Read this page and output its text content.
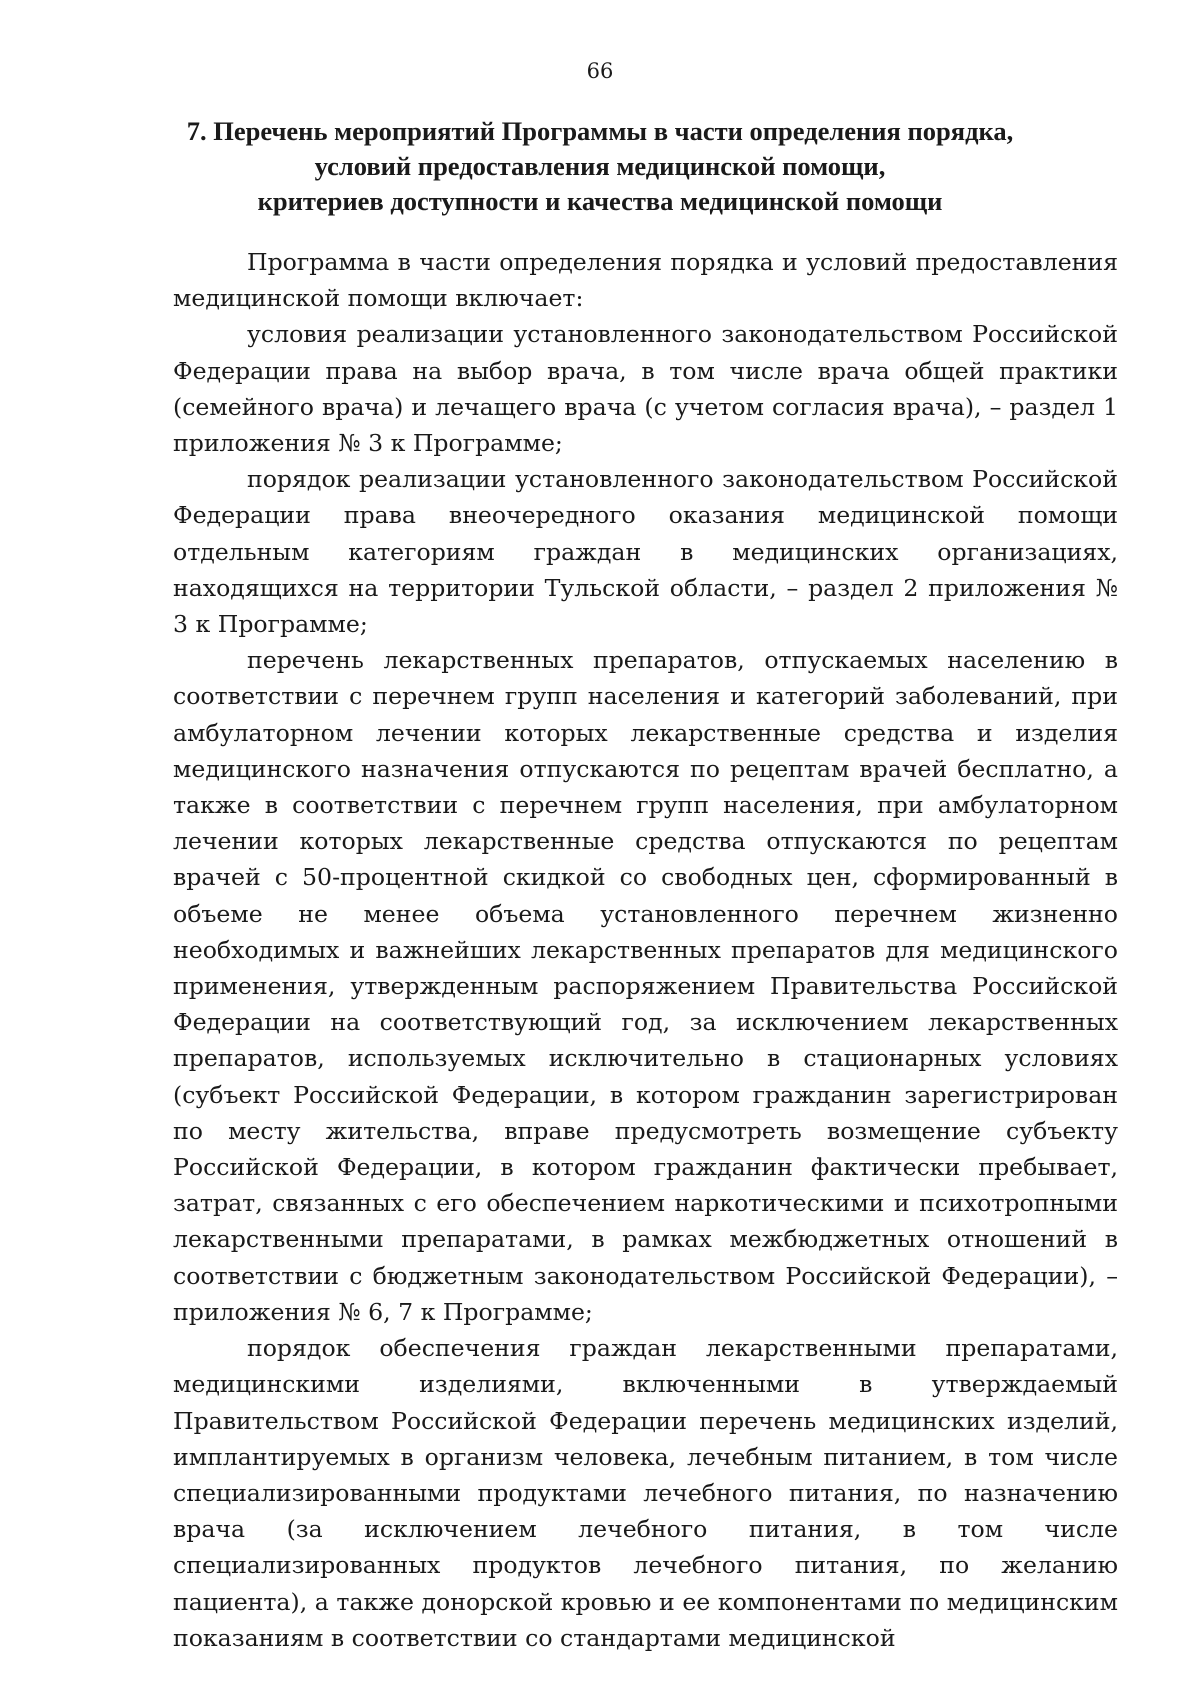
66
7. Перечень мероприятий Программы в части определения порядка,
условий предоставления медицинской помощи,
критериев доступности и качества медицинской помощи

Программа в части определения порядка и условий предоставления медицинской помощи включает:

условия реализации установленного законодательством Российской Федерации права на выбор врача, в том числе врача общей практики (семейного врача) и лечащего врача (с учетом согласия врача), – раздел 1 приложения № 3 к Программе;

порядок реализации установленного законодательством Российской Федерации права внеочередного оказания медицинской помощи отдельным категориям граждан в медицинских организациях, находящихся на территории Тульской области, – раздел 2 приложения № 3 к Программе;

перечень лекарственных препаратов, отпускаемых населению в соответствии с перечнем групп населения и категорий заболеваний, при амбулаторном лечении которых лекарственные средства и изделия медицинского назначения отпускаются по рецептам врачей бесплатно, а также в соответствии с перечнем групп населения, при амбулаторном лечении которых лекарственные средства отпускаются по рецептам врачей с 50-процентной скидкой со свободных цен, сформированный в объеме не менее объема установленного перечнем жизненно необходимых и важнейших лекарственных препаратов для медицинского применения, утвержденным распоряжением Правительства Российской Федерации на соответствующий год, за исключением лекарственных препаратов, используемых исключительно в стационарных условиях (субъект Российской Федерации, в котором гражданин зарегистрирован по месту жительства, вправе предусмотреть возмещение субъекту Российской Федерации, в котором гражданин фактически пребывает, затрат, связанных с его обеспечением наркотическими и психотропными лекарственными препаратами, в рамках межбюджетных отношений в соответствии с бюджетным законодательством Российской Федерации), – приложения № 6, 7 к Программе;

порядок обеспечения граждан лекарственными препаратами, медицинскими изделиями, включенными в утверждаемый Правительством Российской Федерации перечень медицинских изделий, имплантируемых в организм человека, лечебным питанием, в том числе специализированными продуктами лечебного питания, по назначению врача (за исключением лечебного питания, в том числе специализированных продуктов лечебного питания, по желанию пациента), а также донорской кровью и ее компонентами по медицинским показаниям в соответствии со стандартами медицинской
